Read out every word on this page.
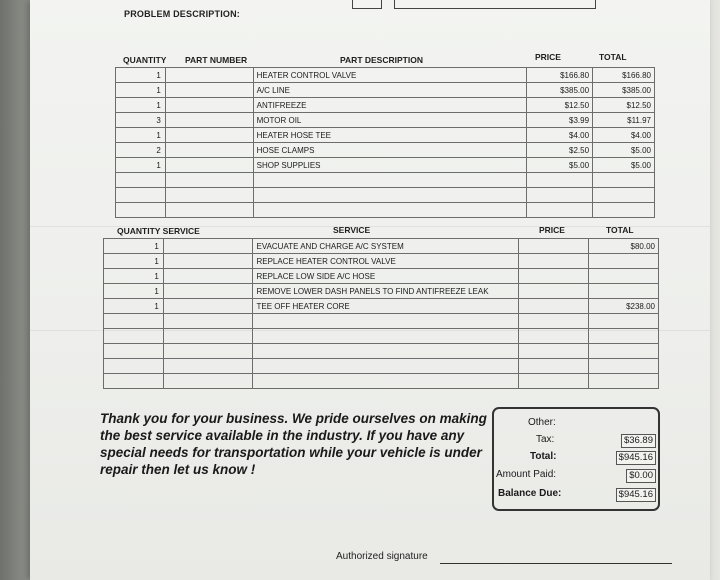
PROBLEM DESCRIPTION:
QUANTITY PART NUMBER	PART DESCRIPTION	PRICE	TOTAL
1		HEATER CONTROL VALVE	$166.80	$166.80
1		A/C LINE	$385.00	$385.00
1		ANTIFREEZE	$12.50	$12.50
3		MOTOR OIL	$3.99	$11.97
1		HEATER HOSE TEE	$4.00	$4.00
2		HOSE CLAMPS	$2.50	$5.00
1		SHOP SUPPLIES	$5.00	$5.00

QUANTITY SERVICE	SERVICE	PRICE	TOTAL
1		EVACUATE AND CHARGE A/C SYSTEM		$80.00
1		REPLACE HEATER CONTROL VALVE		
1		REPLACE LOW SIDE A/C HOSE		
1		REMOVE LOWER DASH PANELS TO FIND ANTIFREEZE LEAK		
1		TEE OFF HEATER CORE		$238.00

Thank you for your business. We pride ourselves on making the best service available in the industry. If you have any special needs for transportation while your vehicle is under repair then let us know !
Other:
Tax:	$36.89
Total:	$945.16
Amount Paid:	$0.00
Balance Due:	$945.16
Authorized signature
